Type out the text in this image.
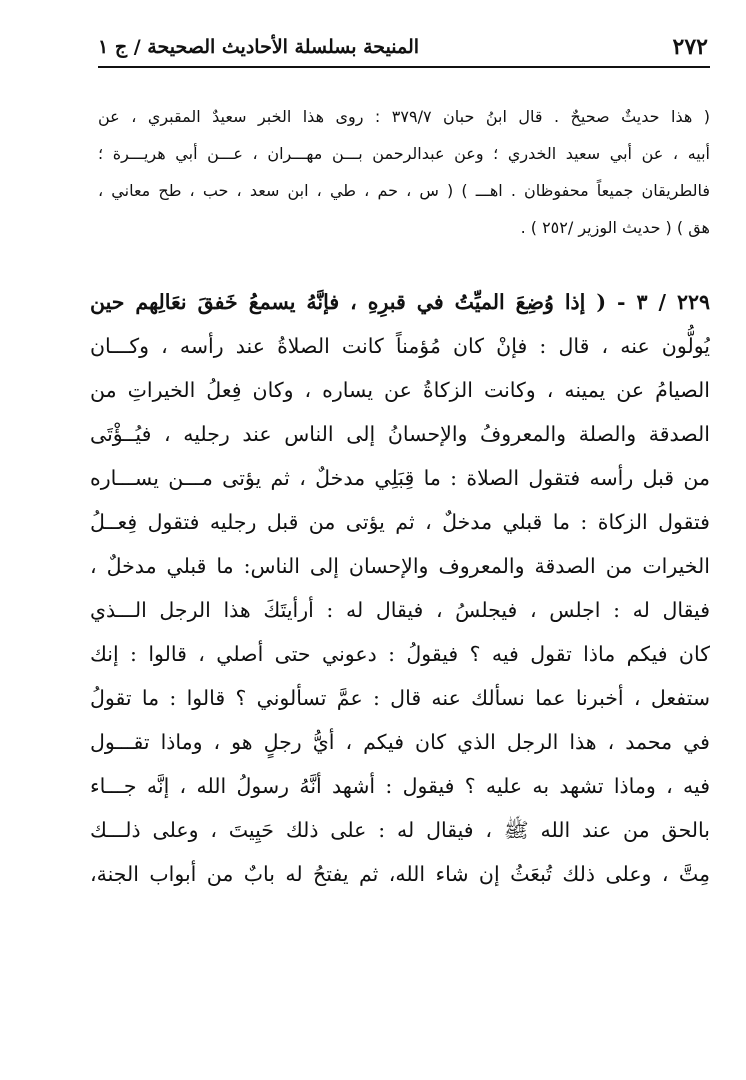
٢٧٢
المنيحة بسلسلة الأحاديث الصحيحة / ج ١
( هذا حديثٌ صحيحٌ . قال ابنُ حبان ٣٧٩/٧ : روى هذا الخبر سعيدٌ المقبري ، عن
أبيه ، عن أبي سعيد الخدري ؛ وعن عبدالرحمن بـــن مهـــران ، عـــن أبي هريـــرة ؛
فالطريقان جميعاً محفوظان . اهـــ ) ( س ، حم ، طي ، ابن سعد ، حب ، طح معاني ،
هق ) ( حديث الوزير /٢٥٢ ) .
٢٢٩ / ٣ - ( إذا وُضِعَ الميِّتُ في قبرِهِ ، فإنَّهُ يسمعُ خَفقَ نعَالِهم حين
يُولُّون عنه ، قال : فإنْ كان مُؤمناً كانت الصلاةُ عند رأسه ، وكـــان
الصيامُ عن يمينه ، وكانت الزكاةُ عن يساره ، وكان فِعلُ الخيراتِ من
الصدقة والصلة والمعروفُ والإحسانُ إلى الناس عند رجليه ، فيُــؤْتَى
من قبل رأسه فتقول الصلاة : ما قِبَلِي مدخلٌ ، ثم يؤتى مـــن يســـاره
فتقول الزكاة : ما قبلي مدخلٌ ، ثم يؤتى من قبل رجليه فتقول فِعــلُ
الخيرات من الصدقة والمعروف والإحسان إلى الناس: ما قبلي مدخلٌ ،
فيقال له : اجلس ، فيجلسُ ، فيقال له : أرأيتَكَ هذا الرجل الـــذي
كان فيكم ماذا تقول فيه ؟ فيقولُ : دعوني حتى أصلي ، قالوا : إنك
ستفعل ، أخبرنا عما نسألك عنه قال : عمَّ تسألوني ؟ قالوا : ما تقولُ
في محمد ، هذا الرجل الذي كان فيكم ، أيُّ رجلٍ هو ، وماذا تقـــول
فيه ، وماذا تشهد به عليه ؟ فيقول : أشهد أنَّهُ رسولُ الله ، إنَّه جـــاء
بالحق من عند الله ﷺ ، فيقال له : على ذلك حَيِيتَ ، وعلى ذلـــك
مِتَّ ، وعلى ذلك تُبعَثُ إن شاء الله، ثم يفتحُ له بابٌ من أبواب الجنة،
